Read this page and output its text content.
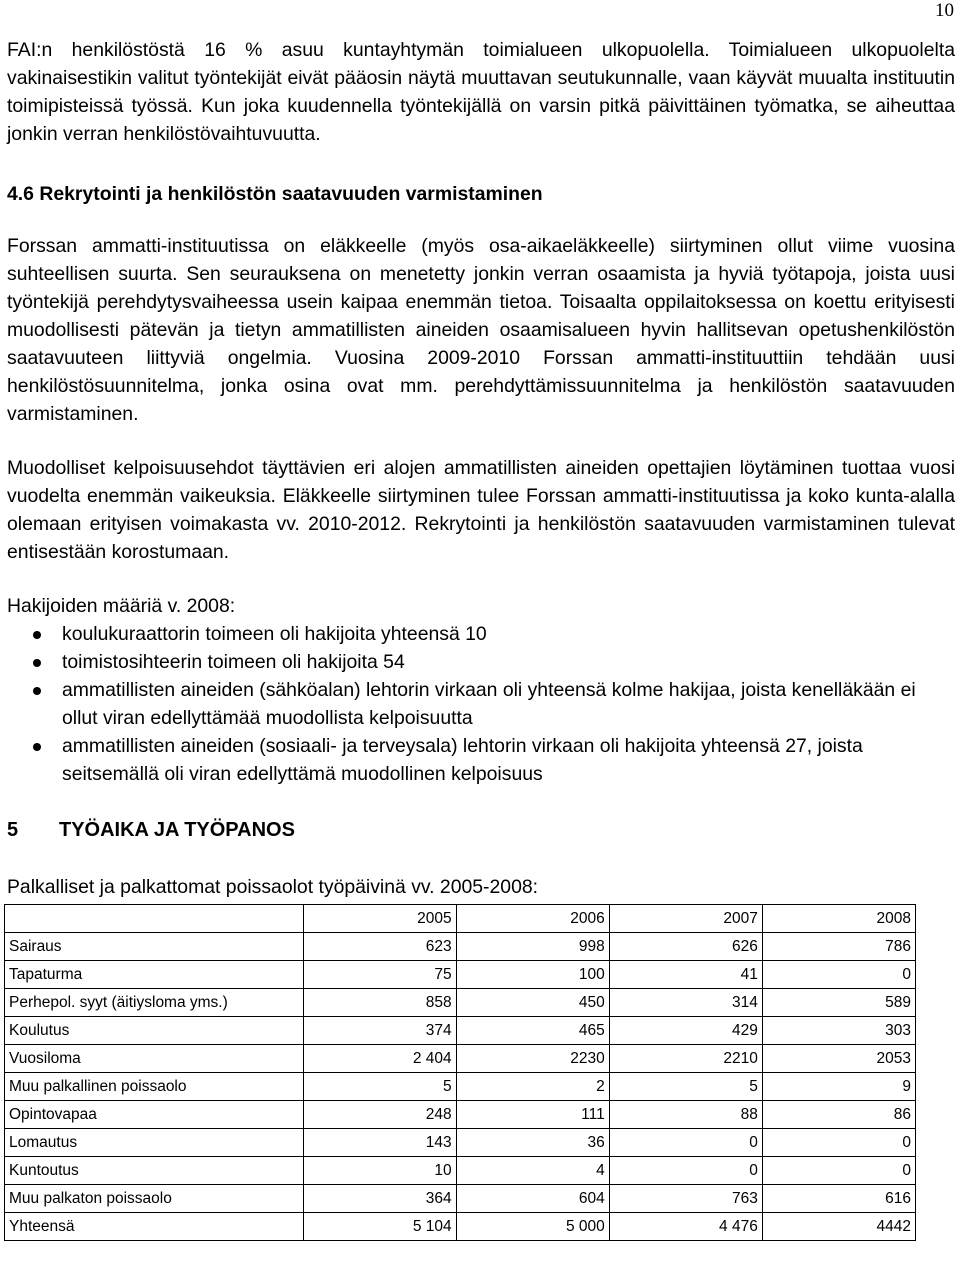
10

FAI:n henkilöstöstä 16 % asuu kuntayhtymän toimialueen ulkopuolella. Toimialueen ulkopuolelta vakinaisestikin valitut työntekijät eivät pääosin näytä muuttavan seutukunnalle, vaan käyvät muualta instituutin toimipisteissä työssä. Kun joka kuudennella työntekijällä on varsin pitkä päivittäinen työmatka, se aiheuttaa jonkin verran henkilöstövaihtuvuutta.

4.6 Rekrytointi ja henkilöstön saatavuuden varmistaminen

Forssan ammatti-instituutissa on eläkkeelle (myös osa-aikaeläkkeelle) siirtyminen ollut viime vuosina suhteellisen suurta. Sen seurauksena on menetetty jonkin verran osaamista ja hyviä työtapoja, joista uusi työntekijä perehdytysvaiheessa usein kaipaa enemmän tietoa. Toisaalta oppilaitoksessa on koettu erityisesti muodollisesti pätevän ja tietyn ammatillisten aineiden osaamisalueen hyvin hallitsevan opetushenkilöstön saatavuuteen liittyviä ongelmia. Vuosina 2009-2010 Forssan ammatti-instituuttiin tehdään uusi henkilöstösuunnitelma, jonka osina ovat mm. perehdyttämissuunnitelma ja henkilöstön saatavuuden varmistaminen.

Muodolliset kelpoisuusehdot täyttävien eri alojen ammatillisten aineiden opettajien löytäminen tuottaa vuosi vuodelta enemmän vaikeuksia. Eläkkeelle siirtyminen tulee Forssan ammatti-instituutissa ja koko kunta-alalla olemaan erityisen voimakasta vv. 2010-2012. Rekrytointi ja henkilöstön saatavuuden varmistaminen tulevat entisestään korostumaan.

Hakijoiden määriä v. 2008:

koulukuraattorin toimeen oli hakijoita yhteensä 10
toimistosihteerin toimeen oli hakijoita 54
ammatillisten aineiden (sähköalan) lehtorin virkaan oli yhteensä kolme hakijaa, joista kenelläkään ei ollut viran edellyttämää muodollista kelpoisuutta
ammatillisten aineiden (sosiaali- ja terveysala) lehtorin virkaan oli hakijoita yhteensä 27, joista seitsemällä oli viran edellyttämä muodollinen kelpoisuus
5 TYÖAIKA JA TYÖPANOS

Palkalliset ja palkattomat poissaolot työpäivinä vv. 2005-2008:

	2005	2006	2007	2008
Sairaus	623	998	626	786
Tapaturma	75	100	41	0
Perhepol. syyt (äitiysloma yms.)	858	450	314	589
Koulutus	374	465	429	303
Vuosiloma	2 404	2230	2210	2053
Muu palkallinen poissaolo	5	2	5	9
Opintovapaa	248	111	88	86
Lomautus	143	36	0	0
Kuntoutus	10	4	0	0
Muu palkaton poissaolo	364	604	763	616
Yhteensä	5 104	5 000	4 476	4442
